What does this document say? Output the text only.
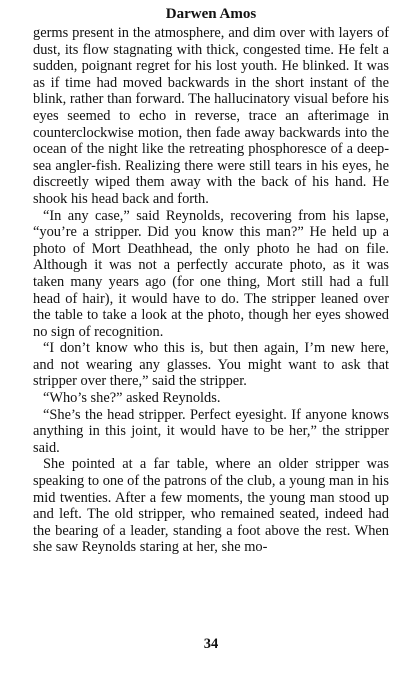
Darwen Amos

germs present in the atmosphere, and dim over with layers of dust, its flow stagnating with thick, congested time. He felt a sudden, poignant regret for his lost youth. He blinked. It was as if time had moved backwards in the short instant of the blink, rather than forward. The hallucinatory visual before his eyes seemed to echo in reverse, trace an afterimage in counterclockwise motion, then fade away backwards into the ocean of the night like the retreating phosphoresce of a deep-sea angler-fish. Realizing there were still tears in his eyes, he discreetly wiped them away with the back of his hand. He shook his head back and forth.

“In any case,” said Reynolds, recovering from his lapse, “you’re a stripper. Did you know this man?” He held up a photo of Mort Deathhead, the only photo he had on file. Although it was not a perfectly accurate photo, as it was taken many years ago (for one thing, Mort still had a full head of hair), it would have to do. The stripper leaned over the table to take a look at the photo, though her eyes showed no sign of recognition.

“I don’t know who this is, but then again, I’m new here, and not wearing any glasses. You might want to ask that stripper over there,” said the stripper.

“Who’s she?” asked Reynolds.

“She’s the head stripper. Perfect eyesight. If anyone knows anything in this joint, it would have to be her,” the stripper said.

She pointed at a far table, where an older stripper was speaking to one of the patrons of the club, a young man in his mid twenties. After a few moments, the young man stood up and left. The old stripper, who remained seated, indeed had the bearing of a leader, standing a foot above the rest. When she saw Reynolds staring at her, she mo-

34
